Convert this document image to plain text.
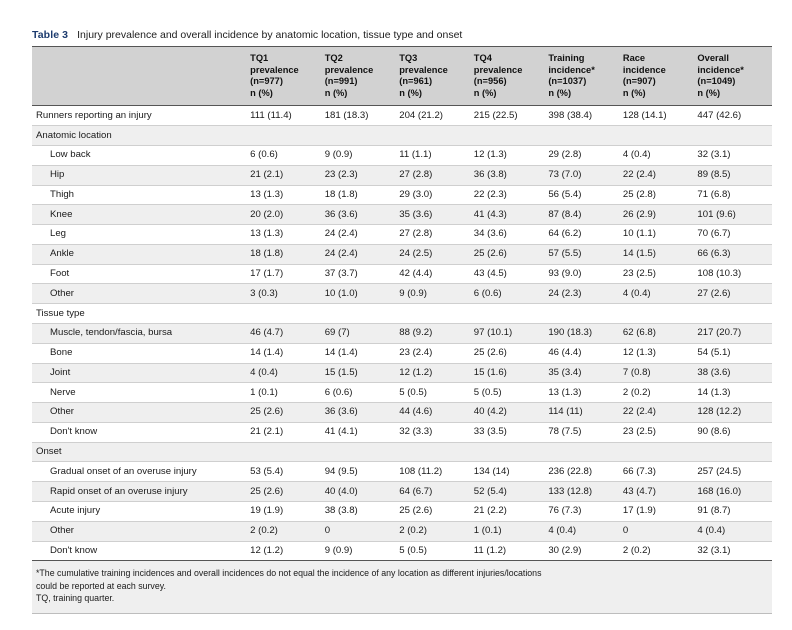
Table 3 Injury prevalence and overall incidence by anatomic location, tissue type and onset

	TQ1
prevalence
(n=977)
n (%)	TQ2
prevalence
(n=991)
n (%)	TQ3
prevalence
(n=961)
n (%)	TQ4
prevalence
(n=956)
n (%)	Training
incidence*
(n=1037)
n (%)	Race
incidence
(n=907)
n (%)	Overall
incidence*
(n=1049)
n (%)

Runners reporting an injury	111 (11.4)	181 (18.3)	204 (21.2)	215 (22.5)	398 (38.4)	128 (14.1)	447 (42.6)
Anatomic location							
Low back	6 (0.6)	9 (0.9)	11 (1.1)	12 (1.3)	29 (2.8)	4 (0.4)	32 (3.1)
Hip	21 (2.1)	23 (2.3)	27 (2.8)	36 (3.8)	73 (7.0)	22 (2.4)	89 (8.5)
Thigh	13 (1.3)	18 (1.8)	29 (3.0)	22 (2.3)	56 (5.4)	25 (2.8)	71 (6.8)
Knee	20 (2.0)	36 (3.6)	35 (3.6)	41 (4.3)	87 (8.4)	26 (2.9)	101 (9.6)
Leg	13 (1.3)	24 (2.4)	27 (2.8)	34 (3.6)	64 (6.2)	10 (1.1)	70 (6.7)
Ankle	18 (1.8)	24 (2.4)	24 (2.5)	25 (2.6)	57 (5.5)	14 (1.5)	66 (6.3)
Foot	17 (1.7)	37 (3.7)	42 (4.4)	43 (4.5)	93 (9.0)	23 (2.5)	108 (10.3)
Other	3 (0.3)	10 (1.0)	9 (0.9)	6 (0.6)	24 (2.3)	4 (0.4)	27 (2.6)
Tissue type							
Muscle, tendon/fascia, bursa	46 (4.7)	69 (7)	88 (9.2)	97 (10.1)	190 (18.3)	62 (6.8)	217 (20.7)
Bone	14 (1.4)	14 (1.4)	23 (2.4)	25 (2.6)	46 (4.4)	12 (1.3)	54 (5.1)
Joint	4 (0.4)	15 (1.5)	12 (1.2)	15 (1.6)	35 (3.4)	7 (0.8)	38 (3.6)
Nerve	1 (0.1)	6 (0.6)	5 (0.5)	5 (0.5)	13 (1.3)	2 (0.2)	14 (1.3)
Other	25 (2.6)	36 (3.6)	44 (4.6)	40 (4.2)	114 (11)	22 (2.4)	128 (12.2)
Don't know	21 (2.1)	41 (4.1)	32 (3.3)	33 (3.5)	78 (7.5)	23 (2.5)	90 (8.6)
Onset							
Gradual onset of an overuse injury	53 (5.4)	94 (9.5)	108 (11.2)	134 (14)	236 (22.8)	66 (7.3)	257 (24.5)
Rapid onset of an overuse injury	25 (2.6)	40 (4.0)	64 (6.7)	52 (5.4)	133 (12.8)	43 (4.7)	168 (16.0)
Acute injury	19 (1.9)	38 (3.8)	25 (2.6)	21 (2.2)	76 (7.3)	17 (1.9)	91 (8.7)
Other	2 (0.2)	0	2 (0.2)	1 (0.1)	4 (0.4)	0	4 (0.4)
Don't know	12 (1.2)	9 (0.9)	5 (0.5)	11 (1.2)	30 (2.9)	2 (0.2)	32 (3.1)

*The cumulative training incidences and overall incidences do not equal the incidence of any location as different injuries/locations
could be reported at each survey.
TQ, training quarter.							
